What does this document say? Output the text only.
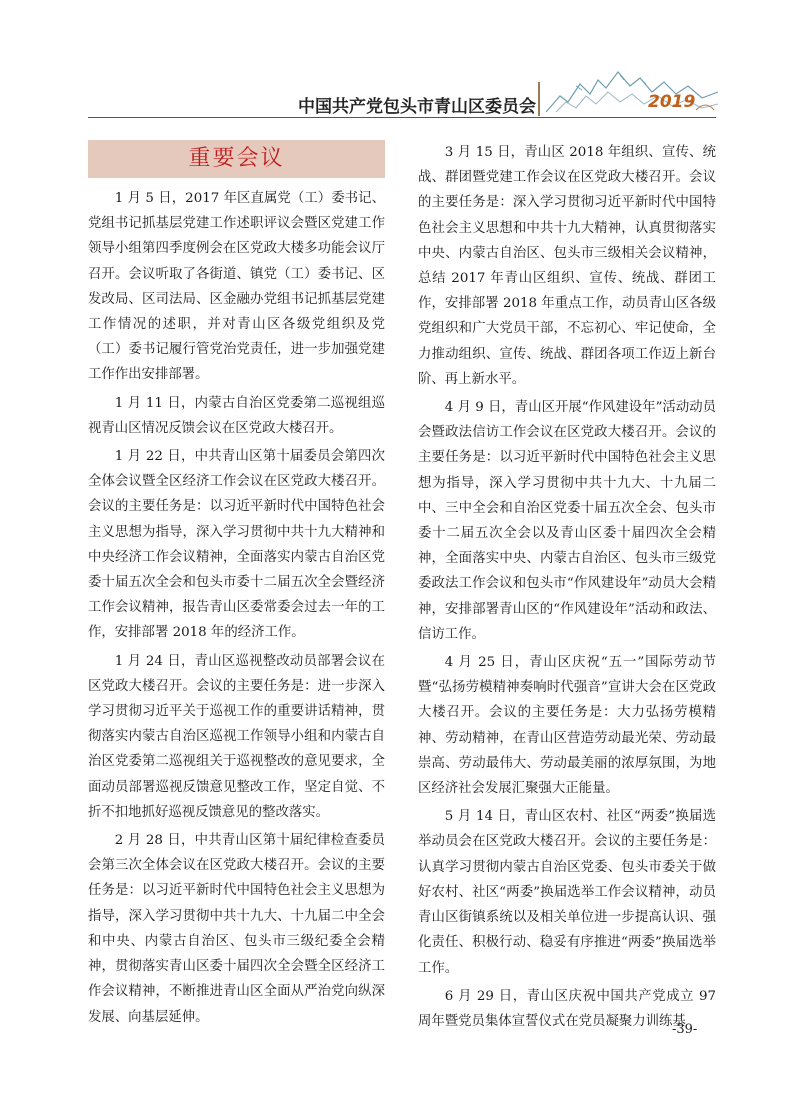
中国共产党包头市青山区委员会	2019
重要会议

1 月 5 日，2017 年区直属党（工）委书记、党组书记抓基层党建工作述职评议会暨区党建工作领导小组第四季度例会在区党政大楼多功能会议厅召开。会议听取了各街道、镇党（工）委书记、区发改局、区司法局、区金融办党组书记抓基层党建工作情况的述职，并对青山区各级党组织及党（工）委书记履行管党治党责任，进一步加强党建工作作出安排部署。

1 月 11 日，内蒙古自治区党委第二巡视组巡视青山区情况反馈会议在区党政大楼召开。

1 月 22 日，中共青山区第十届委员会第四次全体会议暨全区经济工作会议在区党政大楼召开。会议的主要任务是：以习近平新时代中国特色社会主义思想为指导，深入学习贯彻中共十九大精神和中央经济工作会议精神，全面落实内蒙古自治区党委十届五次全会和包头市委十二届五次全会暨经济工作会议精神，报告青山区委常委会过去一年的工作，安排部署 2018 年的经济工作。

1 月 24 日，青山区巡视整改动员部署会议在区党政大楼召开。会议的主要任务是：进一步深入学习贯彻习近平关于巡视工作的重要讲话精神，贯彻落实内蒙古自治区巡视工作领导小组和内蒙古自治区党委第二巡视组关于巡视整改的意见要求，全面动员部署巡视反馈意见整改工作，坚定自觉、不折不扣地抓好巡视反馈意见的整改落实。

2 月 28 日，中共青山区第十届纪律检查委员会第三次全体会议在区党政大楼召开。会议的主要任务是：以习近平新时代中国特色社会主义思想为指导，深入学习贯彻中共十九大、十九届二中全会和中央、内蒙古自治区、包头市三级纪委全会精神，贯彻落实青山区委十届四次全会暨全区经济工作会议精神，不断推进青山区全面从严治党向纵深发展、向基层延伸。

3 月 15 日，青山区 2018 年组织、宣传、统战、群团暨党建工作会议在区党政大楼召开。会议的主要任务是：深入学习贯彻习近平新时代中国特色社会主义思想和中共十九大精神，认真贯彻落实中央、内蒙古自治区、包头市三级相关会议精神，总结 2017 年青山区组织、宣传、统战、群团工作，安排部署 2018 年重点工作，动员青山区各级党组织和广大党员干部，不忘初心、牢记使命，全力推动组织、宣传、统战、群团各项工作迈上新台阶、再上新水平。

4 月 9 日，青山区开展“作风建设年”活动动员会暨政法信访工作会议在区党政大楼召开。会议的主要任务是：以习近平新时代中国特色社会主义思想为指导，深入学习贯彻中共十九大、十九届二中、三中全会和自治区党委十届五次全会、包头市委十二届五次全会以及青山区委十届四次全会精神，全面落实中央、内蒙古自治区、包头市三级党委政法工作会议和包头市“作风建设年”动员大会精神，安排部署青山区的“作风建设年”活动和政法、信访工作。

4 月 25 日，青山区庆祝“五一”国际劳动节暨“弘扬劳模精神奏响时代强音”宣讲大会在区党政大楼召开。会议的主要任务是：大力弘扬劳模精神、劳动精神，在青山区营造劳动最光荣、劳动最崇高、劳动最伟大、劳动最美丽的浓厚氛围，为地区经济社会发展汇聚强大正能量。

5 月 14 日，青山区农村、社区“两委”换届选举动员会在区党政大楼召开。会议的主要任务是：认真学习贯彻内蒙古自治区党委、包头市委关于做好农村、社区“两委”换届选举工作会议精神，动员青山区街镇系统以及相关单位进一步提高认识、强化责任、积极行动、稳妥有序推进“两委”换届选举工作。

6 月 29 日，青山区庆祝中国共产党成立 97 周年暨党员集体宣誓仪式在党员凝聚力训练基

-39-
